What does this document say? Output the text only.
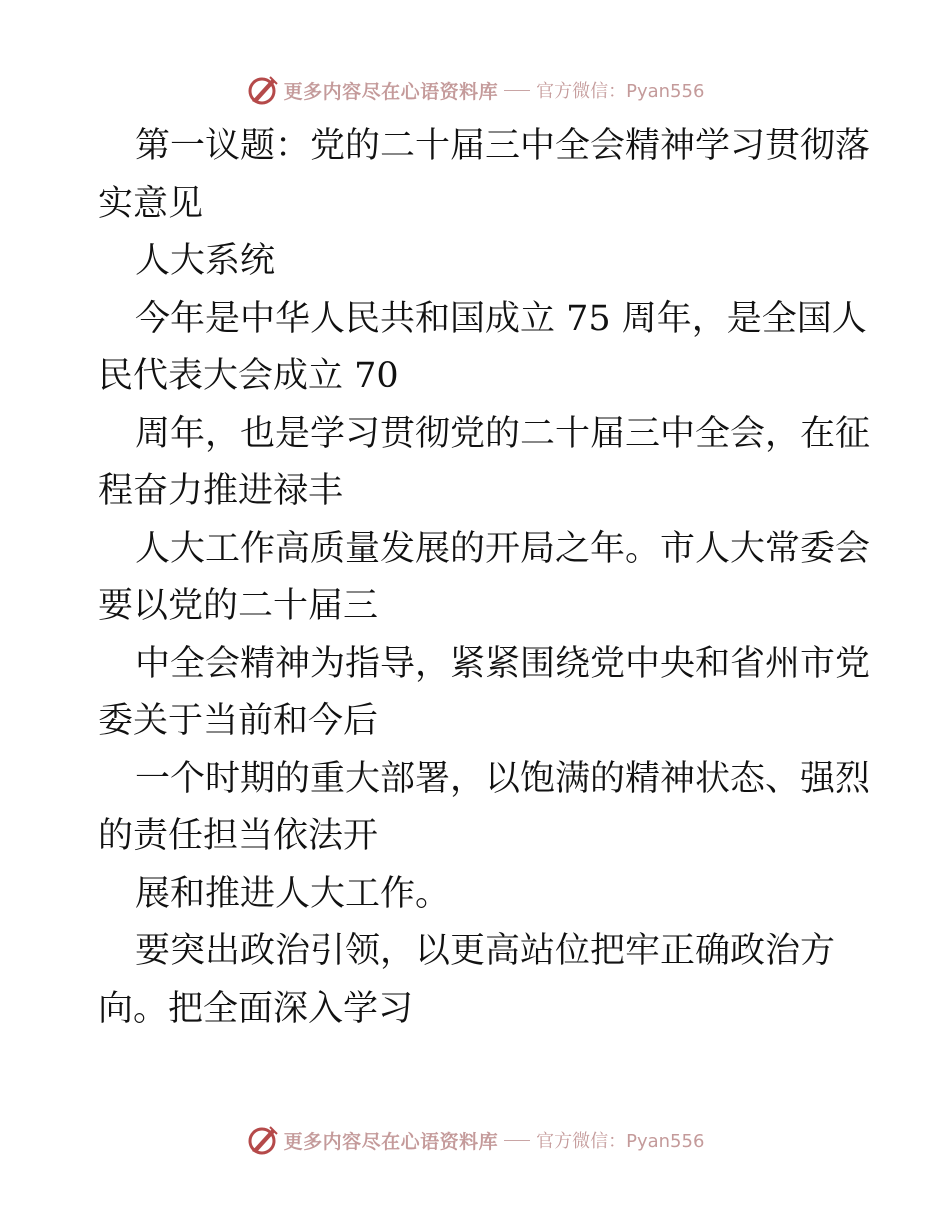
更多内容尽在心语资料库 官方微信：Pyan556
第一议题：党的二十届三中全会精神学习贯彻落
实意见
人大系统
今年是中华人民共和国成立 75 周年，是全国人
民代表大会成立 70
周年，也是学习贯彻党的二十届三中全会，在征
程奋力推进禄丰
人大工作高质量发展的开局之年。市人大常委会
要以党的二十届三
中全会精神为指导，紧紧围绕党中央和省州市党
委关于当前和今后
一个时期的重大部署，以饱满的精神状态、强烈
的责任担当依法开
展和推进人大工作。
要突出政治引领，以更高站位把牢正确政治方
向。把全面深入学习
更多内容尽在心语资料库 官方微信：Pyan556
